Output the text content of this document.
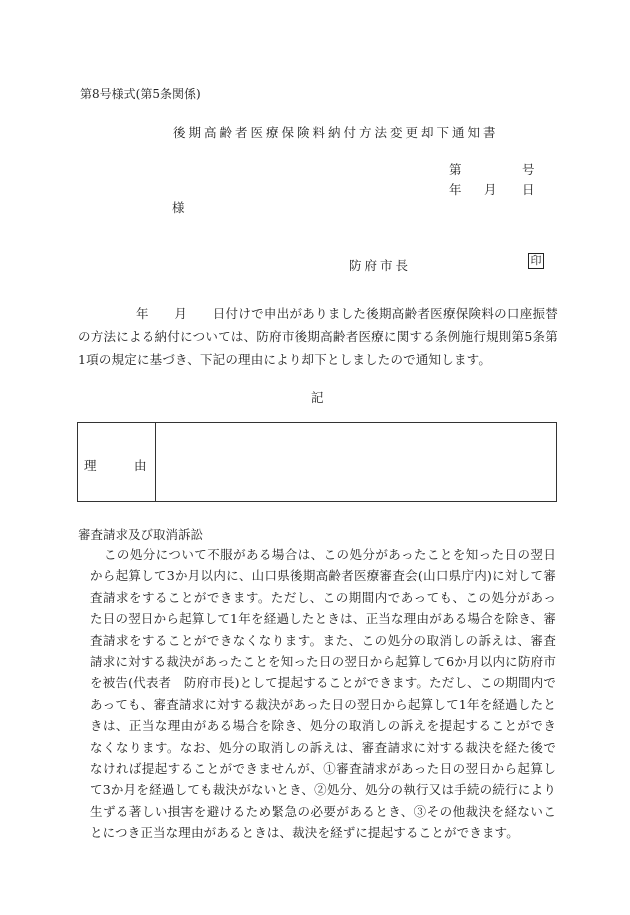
第8号様式(第5条関係)
後期高齢者医療保険料納付方法変更却下通知書
第	号
年 月 日
様
防府市長	印
年　　月　　日付けで申出がありました後期高齢者医療保険料の口座振替の方法による納付については、防府市後期高齢者医療に関する条例施行規則第5条第1項の規定に基づき、下記の理由により却下としましたので通知します。
記
理	由
審査請求及び取消訴訟
この処分について不服がある場合は、この処分があったことを知った日の翌日から起算して3か月以内に、山口県後期高齢者医療審査会(山口県庁内)に対して審査請求をすることができます。ただし、この期間内であっても、この処分があった日の翌日から起算して1年を経過したときは、正当な理由がある場合を除き、審査請求をすることができなくなります。また、この処分の取消しの訴えは、審査請求に対する裁決があったことを知った日の翌日から起算して6か月以内に防府市を被告(代表者　防府市長)として提起することができます。ただし、この期間内であっても、審査請求に対する裁決があった日の翌日から起算して1年を経過したときは、正当な理由がある場合を除き、処分の取消しの訴えを提起することができなくなります。なお、処分の取消しの訴えは、審査請求に対する裁決を経た後でなければ提起することができませんが、①審査請求があった日の翌日から起算して3か月を経過しても裁決がないとき、②処分、処分の執行又は手続の続行により生ずる著しい損害を避けるため緊急の必要があるとき、③その他裁決を経ないことにつき正当な理由があるときは、裁決を経ずに提起することができます。
